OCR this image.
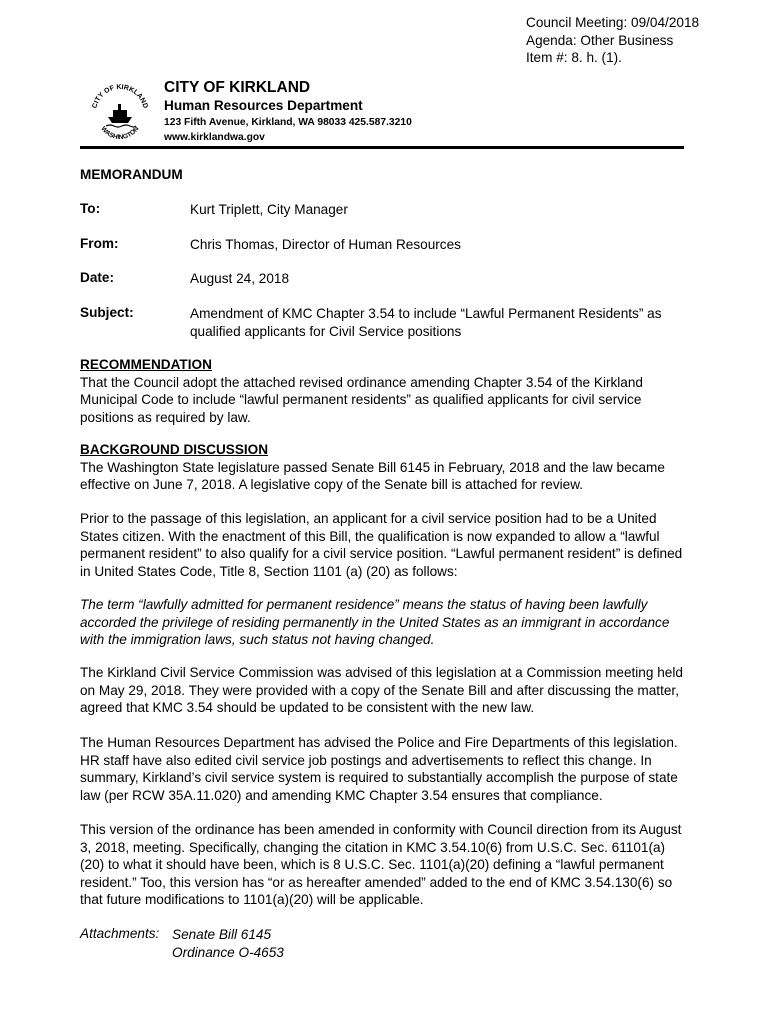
Council Meeting: 09/04/2018
Agenda: Other Business
Item #: 8. h. (1).
CITY OF KIRKLAND
WASHINGTON
CITY OF KIRKLAND
Human Resources Department
123 Fifth Avenue, Kirkland, WA 98033 425.587.3210
www.kirklandwa.gov
MEMORANDUM
To:	Kurt Triplett, City Manager
From:	Chris Thomas, Director of Human Resources
Date:	August 24, 2018
Subject:	Amendment of KMC Chapter 3.54 to include “Lawful Permanent Residents” as qualified applicants for Civil Service positions
RECOMMENDATION
That the Council adopt the attached revised ordinance amending Chapter 3.54 of the Kirkland Municipal Code to include “lawful permanent residents” as qualified applicants for civil service positions as required by law.
BACKGROUND DISCUSSION
The Washington State legislature passed Senate Bill 6145 in February, 2018 and the law became effective on June 7, 2018. A legislative copy of the Senate bill is attached for review.
Prior to the passage of this legislation, an applicant for a civil service position had to be a United States citizen. With the enactment of this Bill, the qualification is now expanded to allow a “lawful permanent resident” to also qualify for a civil service position. “Lawful permanent resident” is defined in United States Code, Title 8, Section 1101 (a) (20) as follows:
The term “lawfully admitted for permanent residence” means the status of having been lawfully accorded the privilege of residing permanently in the United States as an immigrant in accordance with the immigration laws, such status not having changed.
The Kirkland Civil Service Commission was advised of this legislation at a Commission meeting held on May 29, 2018. They were provided with a copy of the Senate Bill and after discussing the matter, agreed that KMC 3.54 should be updated to be consistent with the new law.
The Human Resources Department has advised the Police and Fire Departments of this legislation. HR staff have also edited civil service job postings and advertisements to reflect this change. In summary, Kirkland’s civil service system is required to substantially accomplish the purpose of state law (per RCW 35A.11.020) and amending KMC Chapter 3.54 ensures that compliance.
This version of the ordinance has been amended in conformity with Council direction from its August 3, 2018, meeting. Specifically, changing the citation in KMC 3.54.10(6) from U.S.C. Sec. 61101(a)(20) to what it should have been, which is 8 U.S.C. Sec. 1101(a)(20) defining a “lawful permanent resident.” Too, this version has “or as hereafter amended” added to the end of KMC 3.54.130(6) so that future modifications to 1101(a)(20) will be applicable.
Attachments: Senate Bill 6145
Ordinance O-4653
